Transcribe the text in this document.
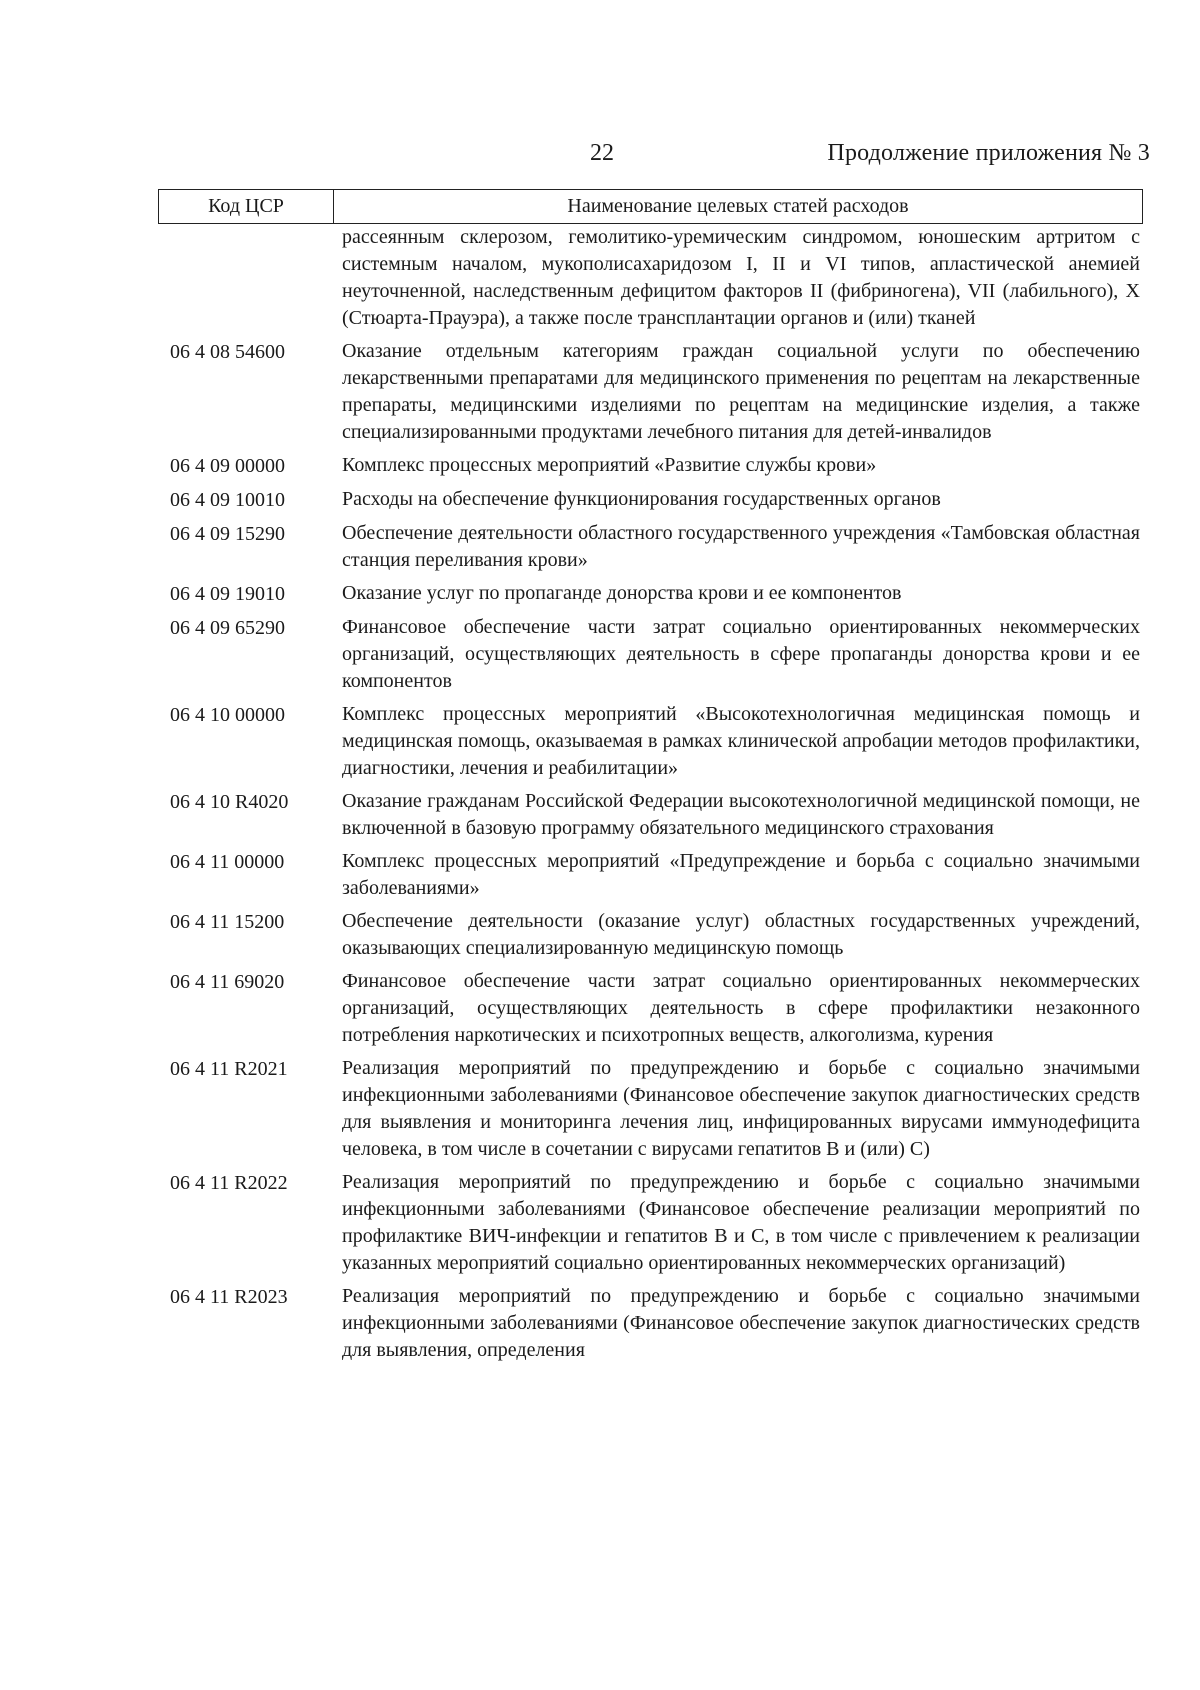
22	Продолжение приложения № 3
Код ЦСР	Наименование целевых статей расходов
рассеянным склерозом, гемолитико-уремическим синдромом, юношеским артритом с системным началом, мукополисахаридозом I, II и VI типов, апластической анемией неуточненной, наследственным дефицитом факторов II (фибриногена), VII (лабильного), X (Стюарта-Прауэра), а также после трансплантации органов и (или) тканей
06 4 08 54600	Оказание отдельным категориям граждан социальной услуги по обеспечению лекарственными препаратами для медицинского применения по рецептам на лекарственные препараты, медицинскими изделиями по рецептам на медицинские изделия, а также специализированными продуктами лечебного питания для детей-инвалидов
06 4 09 00000	Комплекс процессных мероприятий «Развитие службы крови»
06 4 09 10010	Расходы на обеспечение функционирования государственных органов
06 4 09 15290	Обеспечение деятельности областного государственного учреждения «Тамбовская областная станция переливания крови»
06 4 09 19010	Оказание услуг по пропаганде донорства крови и ее компонентов
06 4 09 65290	Финансовое обеспечение части затрат социально ориентированных некоммерческих организаций, осуществляющих деятельность в сфере пропаганды донорства крови и ее компонентов
06 4 10 00000	Комплекс процессных мероприятий «Высокотехнологичная медицинская помощь и медицинская помощь, оказываемая в рамках клинической апробации методов профилактики, диагностики, лечения и реабилитации»
06 4 10 R4020	Оказание гражданам Российской Федерации высокотехнологичной медицинской помощи, не включенной в базовую программу обязательного медицинского страхования
06 4 11 00000	Комплекс процессных мероприятий «Предупреждение и борьба с социально значимыми заболеваниями»
06 4 11 15200	Обеспечение деятельности (оказание услуг) областных государственных учреждений, оказывающих специализированную медицинскую помощь
06 4 11 69020	Финансовое обеспечение части затрат социально ориентированных некоммерческих организаций, осуществляющих деятельность в сфере профилактики незаконного потребления наркотических и психотропных веществ, алкоголизма, курения
06 4 11 R2021	Реализация мероприятий по предупреждению и борьбе с социально значимыми инфекционными заболеваниями (Финансовое обеспечение закупок диагностических средств для выявления и мониторинга лечения лиц, инфицированных вирусами иммунодефицита человека, в том числе в сочетании с вирусами гепатитов B и (или) C)
06 4 11 R2022	Реализация мероприятий по предупреждению и борьбе с социально значимыми инфекционными заболеваниями (Финансовое обеспечение реализации мероприятий по профилактике ВИЧ-инфекции и гепатитов B и C, в том числе с привлечением к реализации указанных мероприятий социально ориентированных некоммерческих организаций)
06 4 11 R2023	Реализация мероприятий по предупреждению и борьбе с социально значимыми инфекционными заболеваниями (Финансовое обеспечение закупок диагностических средств для выявления, определения
